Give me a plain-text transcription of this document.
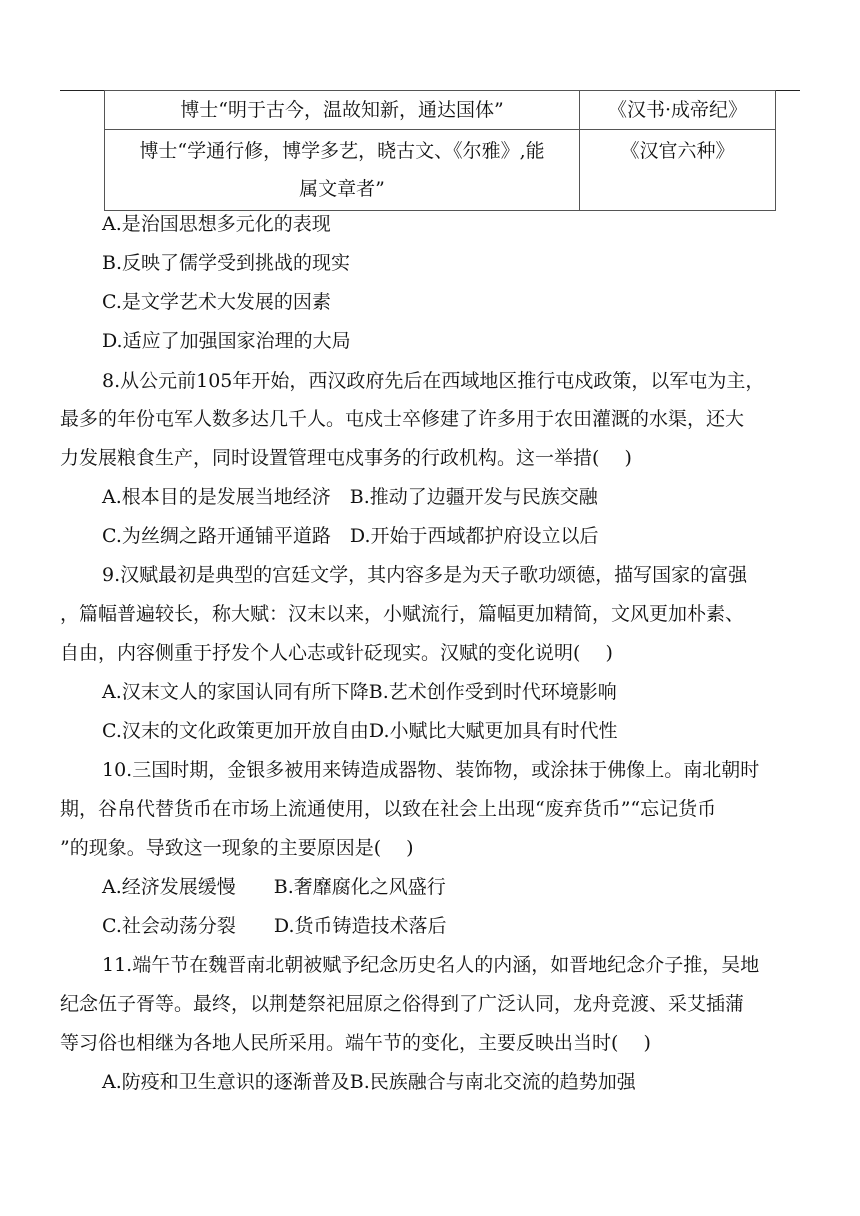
博士“明于古今，温故知新，通达国体”	《汉书·成帝纪》

博士“学通行修，博学多艺，晓古文、《尔雅》,能
属文章者”	《汉官六种》
A.是治国思想多元化的表现
B.反映了儒学受到挑战的现实
C.是文学艺术大发展的因素
D.适应了加强国家治理的大局
8.从公元前105年开始，西汉政府先后在西域地区推行屯戍政策，以军屯为主，
最多的年份屯军人数多达几千人。屯戍士卒修建了许多用于农田灌溉的水渠，还大
力发展粮食生产，同时设置管理屯戍事务的行政机构。这一举措(　 )
A.根本目的是发展当地经济　B.推动了边疆开发与民族交融
C.为丝绸之路开通铺平道路　D.开始于西域都护府设立以后
9.汉赋最初是典型的宫廷文学，其内容多是为天子歌功颂德，描写国家的富强
，篇幅普遍较长，称大赋：汉末以来，小赋流行，篇幅更加精简，文风更加朴素、
自由，内容侧重于抒发个人心志或针砭现实。汉赋的变化说明(　 )
A.汉末文人的家国认同有所下降B.艺术创作受到时代环境影响
C.汉末的文化政策更加开放自由D.小赋比大赋更加具有时代性
10.三国时期，金银多被用来铸造成器物、装饰物，或涂抹于佛像上。南北朝时
期，谷帛代替货币在市场上流通使用，以致在社会上出现“废弃货币”“忘记货币
”的现象。导致这一现象的主要原因是(　 )
A.经济发展缓慢　　B.奢靡腐化之风盛行
C.社会动荡分裂　　D.货币铸造技术落后
11.端午节在魏晋南北朝被赋予纪念历史名人的内涵，如晋地纪念介子推，吴地
纪念伍子胥等。最终，以荆楚祭祀屈原之俗得到了广泛认同，龙舟竞渡、采艾插蒲
等习俗也相继为各地人民所采用。端午节的变化，主要反映出当时(　 )
A.防疫和卫生意识的逐渐普及B.民族融合与南北交流的趋势加强
